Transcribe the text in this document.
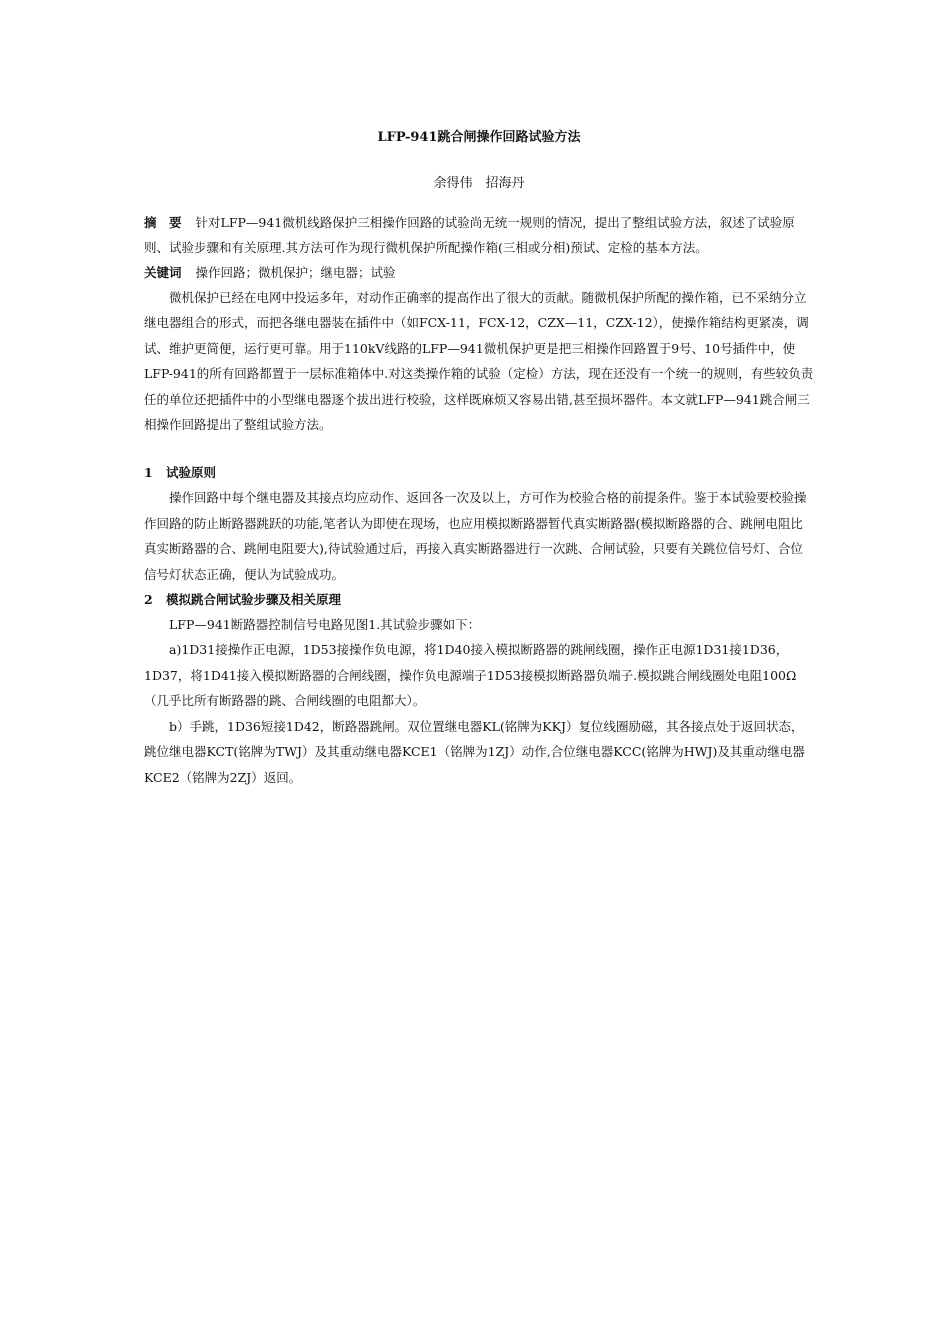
LFP-941跳合闸操作回路试验方法
余得伟　招海丹
摘　要 针对LFP—941微机线路保护三相操作回路的试验尚无统一规则的情况，提出了整组试验方法，叙述了试验原则、试验步骤和有关原理.其方法可作为现行微机保护所配操作箱(三相或分相)预试、定检的基本方法。
关键词 操作回路；微机保护；继电器；试验

微机保护已经在电网中投运多年，对动作正确率的提高作出了很大的贡献。随微机保护所配的操作箱，已不采纳分立继电器组合的形式，而把各继电器装在插件中（如FCX-11，FCX-12，CZX—11，CZX-12），使操作箱结构更紧凑，调试、维护更简便，运行更可靠。用于110kV线路的LFP—941微机保护更是把三相操作回路置于9号、10号插件中，使LFP-941的所有回路都置于一层标准箱体中.对这类操作箱的试验（定检）方法，现在还没有一个统一的规则，有些较负责任的单位还把插件中的小型继电器逐个拔出进行校验，这样既麻烦又容易出错,甚至损坏器件。本文就LFP—941跳合闸三相操作回路提出了整组试验方法。

1 试验原则

操作回路中每个继电器及其接点均应动作、返回各一次及以上，方可作为校验合格的前提条件。鉴于本试验要校验操作回路的防止断路器跳跃的功能,笔者认为即使在现场，也应用模拟断路器暂代真实断路器(模拟断路器的合、跳闸电阻比真实断路器的合、跳闸电阻要大),待试验通过后，再接入真实断路器进行一次跳、合闸试验，只要有关跳位信号灯、合位信号灯状态正确，便认为试验成功。

2 模拟跳合闸试验步骤及相关原理

LFP—941断路器控制信号电路见图1.其试验步骤如下：

a)1D31接操作正电源，1D53接操作负电源，将1D40接入模拟断路器的跳闸线圈，操作正电源1D31接1D36，1D37，将1D41接入模拟断路器的合闸线圈，操作负电源端子1D53接模拟断路器负端子.模拟跳合闸线圈处电阻100Ω（几乎比所有断路器的跳、合闸线圈的电阻都大）。

b）手跳，1D36短接1D42，断路器跳闸。双位置继电器KL(铭牌为KKJ）复位线圈励磁，其各接点处于返回状态，跳位继电器KCT(铭牌为TWJ）及其重动继电器KCE1（铭牌为1ZJ）动作,合位继电器KCC(铭牌为HWJ)及其重动继电器KCE2（铭牌为2ZJ）返回。
